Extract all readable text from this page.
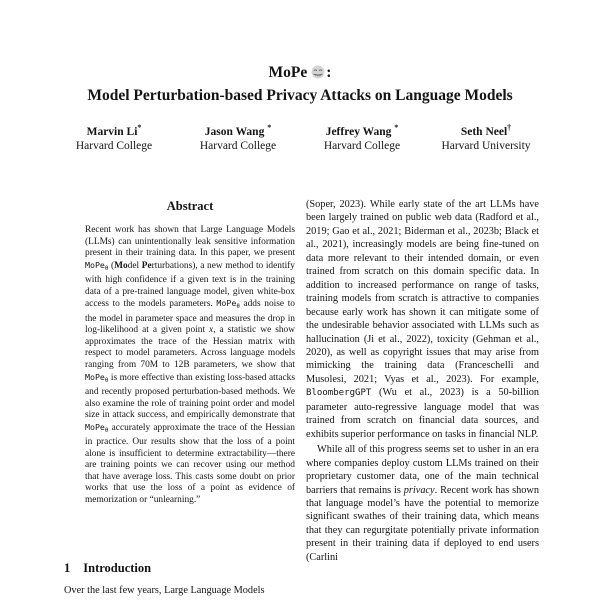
MoPe :
Model Perturbation-based Privacy Attacks on Language Models
Marvin Li*
Harvard College
Jason Wang *
Harvard College
Jeffrey Wang *
Harvard College
Seth Neel†
Harvard University
Abstract
Recent work has shown that Large Language Models (LLMs) can unintentionally leak sensitive information present in their training data. In this paper, we present MoPe$_\theta$ (Model Perturbations), a new method to identify with high confidence if a given text is in the training data of a pre-trained language model, given white-box access to the models parameters. MoPe$_\theta$ adds noise to the model in parameter space and measures the drop in log-likelihood at a given point x, a statistic we show approximates the trace of the Hessian matrix with respect to model parameters. Across language models ranging from 70M to 12B parameters, we show that MoPe$_\theta$ is more effective than existing loss-based attacks and recently proposed perturbation-based methods. We also examine the role of training point order and model size in attack success, and empirically demonstrate that MoPe$_\theta$ accurately approximate the trace of the Hessian in practice. Our results show that the loss of a point alone is insufficient to determine extractability—there are training points we can recover using our method that have average loss. This casts some doubt on prior works that use the loss of a point as evidence of memorization or “unlearning.”
1 Introduction
Over the last few years, Large Language Models

(Soper, 2023). While early state of the art LLMs have been largely trained on public web data (Radford et al., 2019; Gao et al., 2021; Biderman et al., 2023b; Black et al., 2021), increasingly models are being fine-tuned on data more relevant to their intended domain, or even trained from scratch on this domain specific data. In addition to increased performance on range of tasks, training models from scratch is attractive to companies because early work has shown it can mitigate some of the undesirable behavior associated with LLMs such as hallucination (Ji et al., 2022), toxicity (Gehman et al., 2020), as well as copyright issues that may arise from mimicking the training data (Franceschelli and Musolesi, 2021; Vyas et al., 2023). For example, BloombergGPT (Wu et al., 2023) is a 50-billion parameter auto-regressive language model that was trained from scratch on financial data sources, and exhibits superior performance on tasks in financial NLP.

While all of this progress seems set to usher in an era where companies deploy custom LLMs trained on their proprietary customer data, one of the main technical barriers that remains is privacy. Recent work has shown that language model’s have the potential to memorize significant swathes of their training data, which means that they can regurgitate potentially private information present in their training data if deployed to end users (Carlini
